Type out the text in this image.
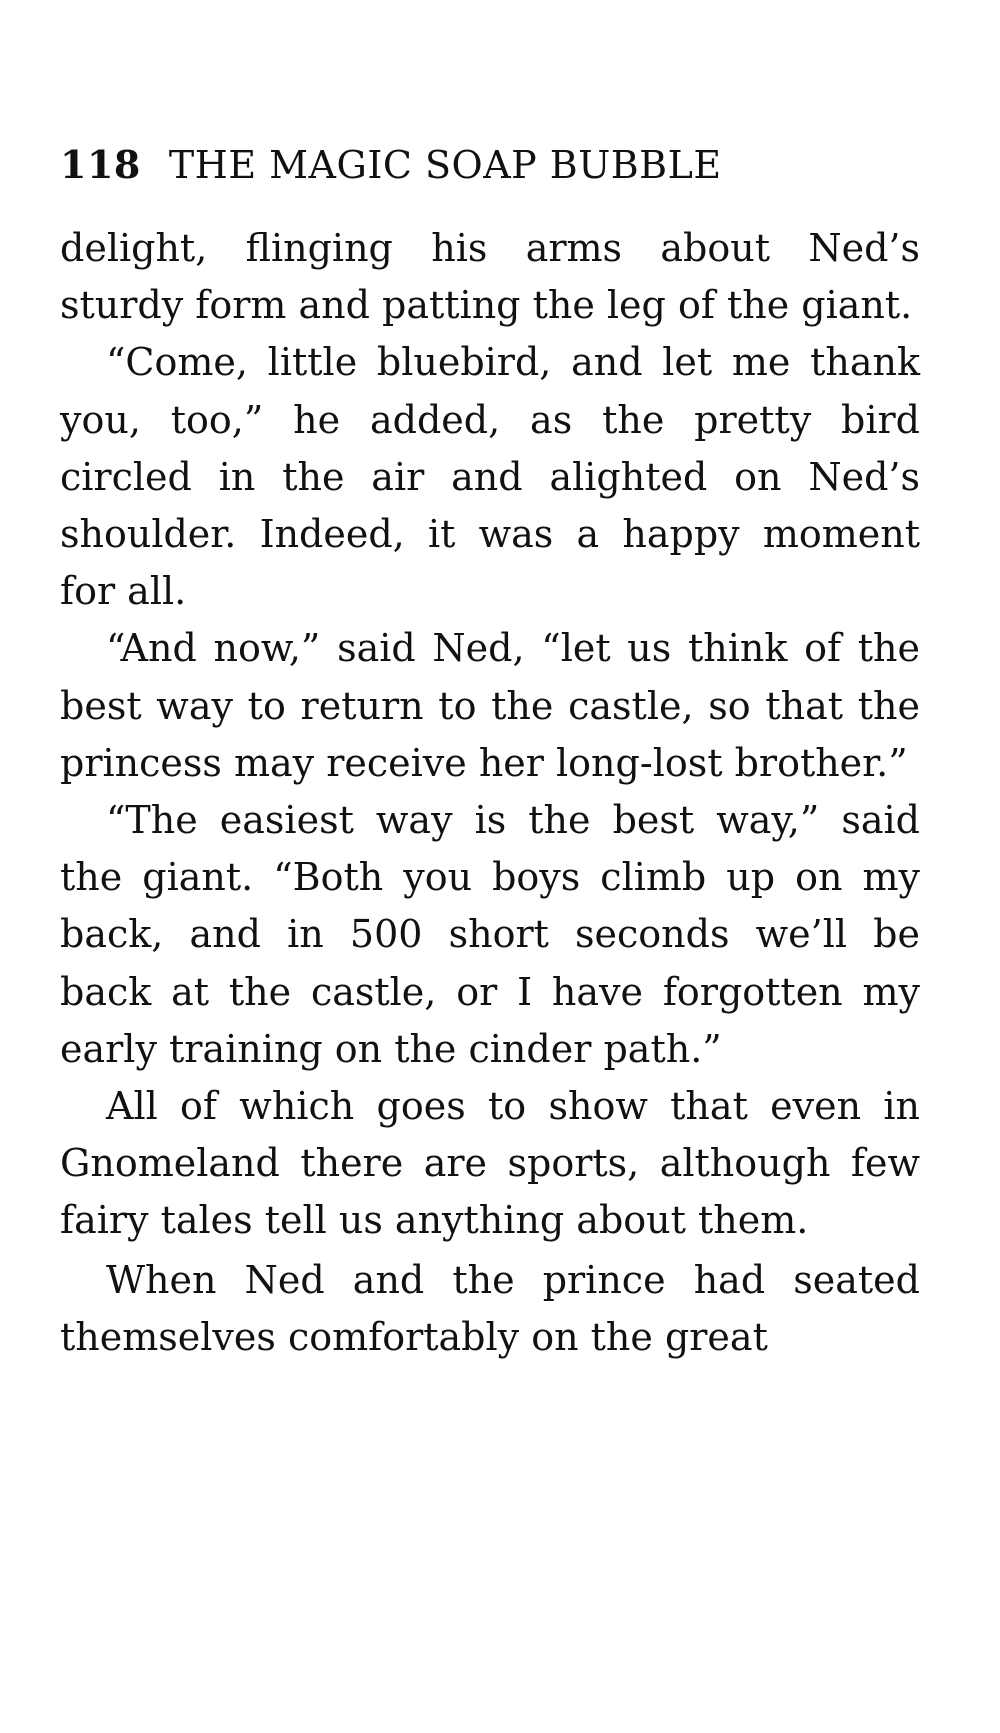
118 THE MAGIC SOAP BUBBLE

delight, flinging his arms about Ned’s sturdy form and patting the leg of the giant.

“Come, little bluebird, and let me thank you, too,” he added, as the pretty bird circled in the air and alighted on Ned’s shoulder. Indeed, it was a happy moment for all.

“And now,” said Ned, “let us think of the best way to return to the castle, so that the princess may receive her long-lost brother.”

“The easiest way is the best way,” said the giant. “Both you boys climb up on my back, and in 500 short seconds we’ll be back at the castle, or I have forgotten my early training on the cinder path.”

All of which goes to show that even in Gnomeland there are sports, although few fairy tales tell us anything about them.

When Ned and the prince had seated themselves comfortably on the great
